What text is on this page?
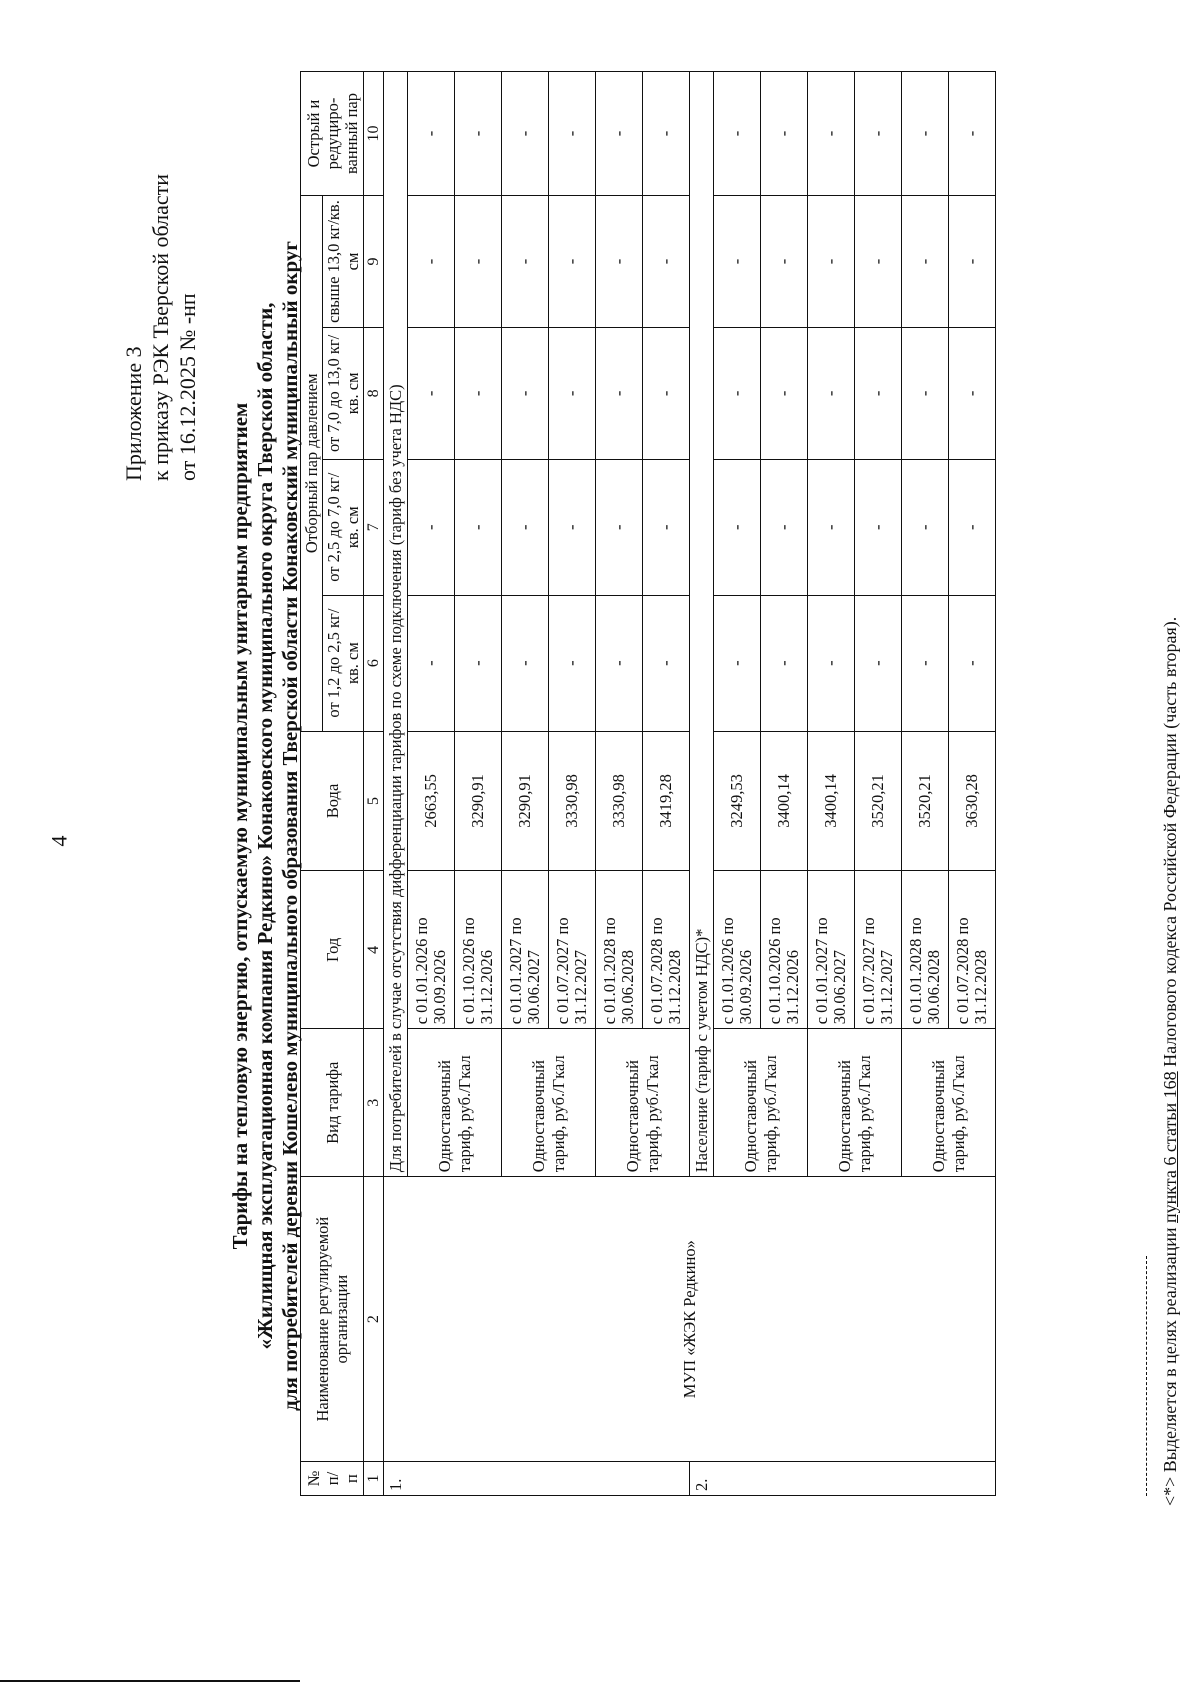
4
Приложение 3 к приказу РЭК Тверской области от 16.12.2025 № -нп
Тарифы на тепловую энергию, отпускаемую муниципальным унитарным предприятием «Жилищная эксплуатационная компания Редкино» Конаковского муниципального округа Тверской области, для потребителей деревни Кошелево муниципального образования Тверской области Конаковский муниципальный округ
№ п/ п	Наименование регулируемой организации	Вид тарифа	Год	Вода	Отборный пар давлением				Острый и редуциро- ванный пар
					от 1,2 до 2,5 кг/кв. см	от 2,5 до 7,0 кг/кв. см	от 7,0 до 13,0 кг/кв. см	свыше 13,0 кг/кв. см	
1	2	3	4	5	6	7	8	9	10
1.	МУП «ЖЭК Редкино»	Для потребителей в случае отсутствия дифференциации тарифов по схеме подключения (тариф без учета НДС)							
		Одноставочный тариф, руб./Гкал	с 01.01.2026 по 30.09.2026	2663,55	-	-	-	-	-
			с 01.10.2026 по 31.12.2026	3290,91	-	-	-	-	-
		Одноставочный тариф, руб./Гкал	с 01.01.2027 по 30.06.2027	3290,91	-	-	-	-	-
			с 01.07.2027 по 31.12.2027	3330,98	-	-	-	-	-
		Одноставочный тариф, руб./Гкал	с 01.01.2028 по 30.06.2028	3330,98	-	-	-	-	-
			с 01.07.2028 по 31.12.2028	3419,28	-	-	-	-	-
2.		Население (тариф с учетом НДС)*							
		Одноставочный тариф, руб./Гкал	с 01.01.2026 по 30.09.2026	3249,53	-	-	-	-	-
			с 01.10.2026 по 31.12.2026	3400,14	-	-	-	-	-
		Одноставочный тариф, руб./Гкал	с 01.01.2027 по 30.06.2027	3400,14	-	-	-	-	-
			с 01.07.2027 по 31.12.2027	3520,21	-	-	-	-	-
		Одноставочный тариф, руб./Гкал	с 01.01.2028 по 30.06.2028	3520,21	-	-	-	-	-
			с 01.07.2028 по 31.12.2028	3630,28	-	-	-	-	-
<*> Выделяется в целях реализации пункта 6 статьи 168 Налогового кодекса Российской Федерации (часть вторая).
